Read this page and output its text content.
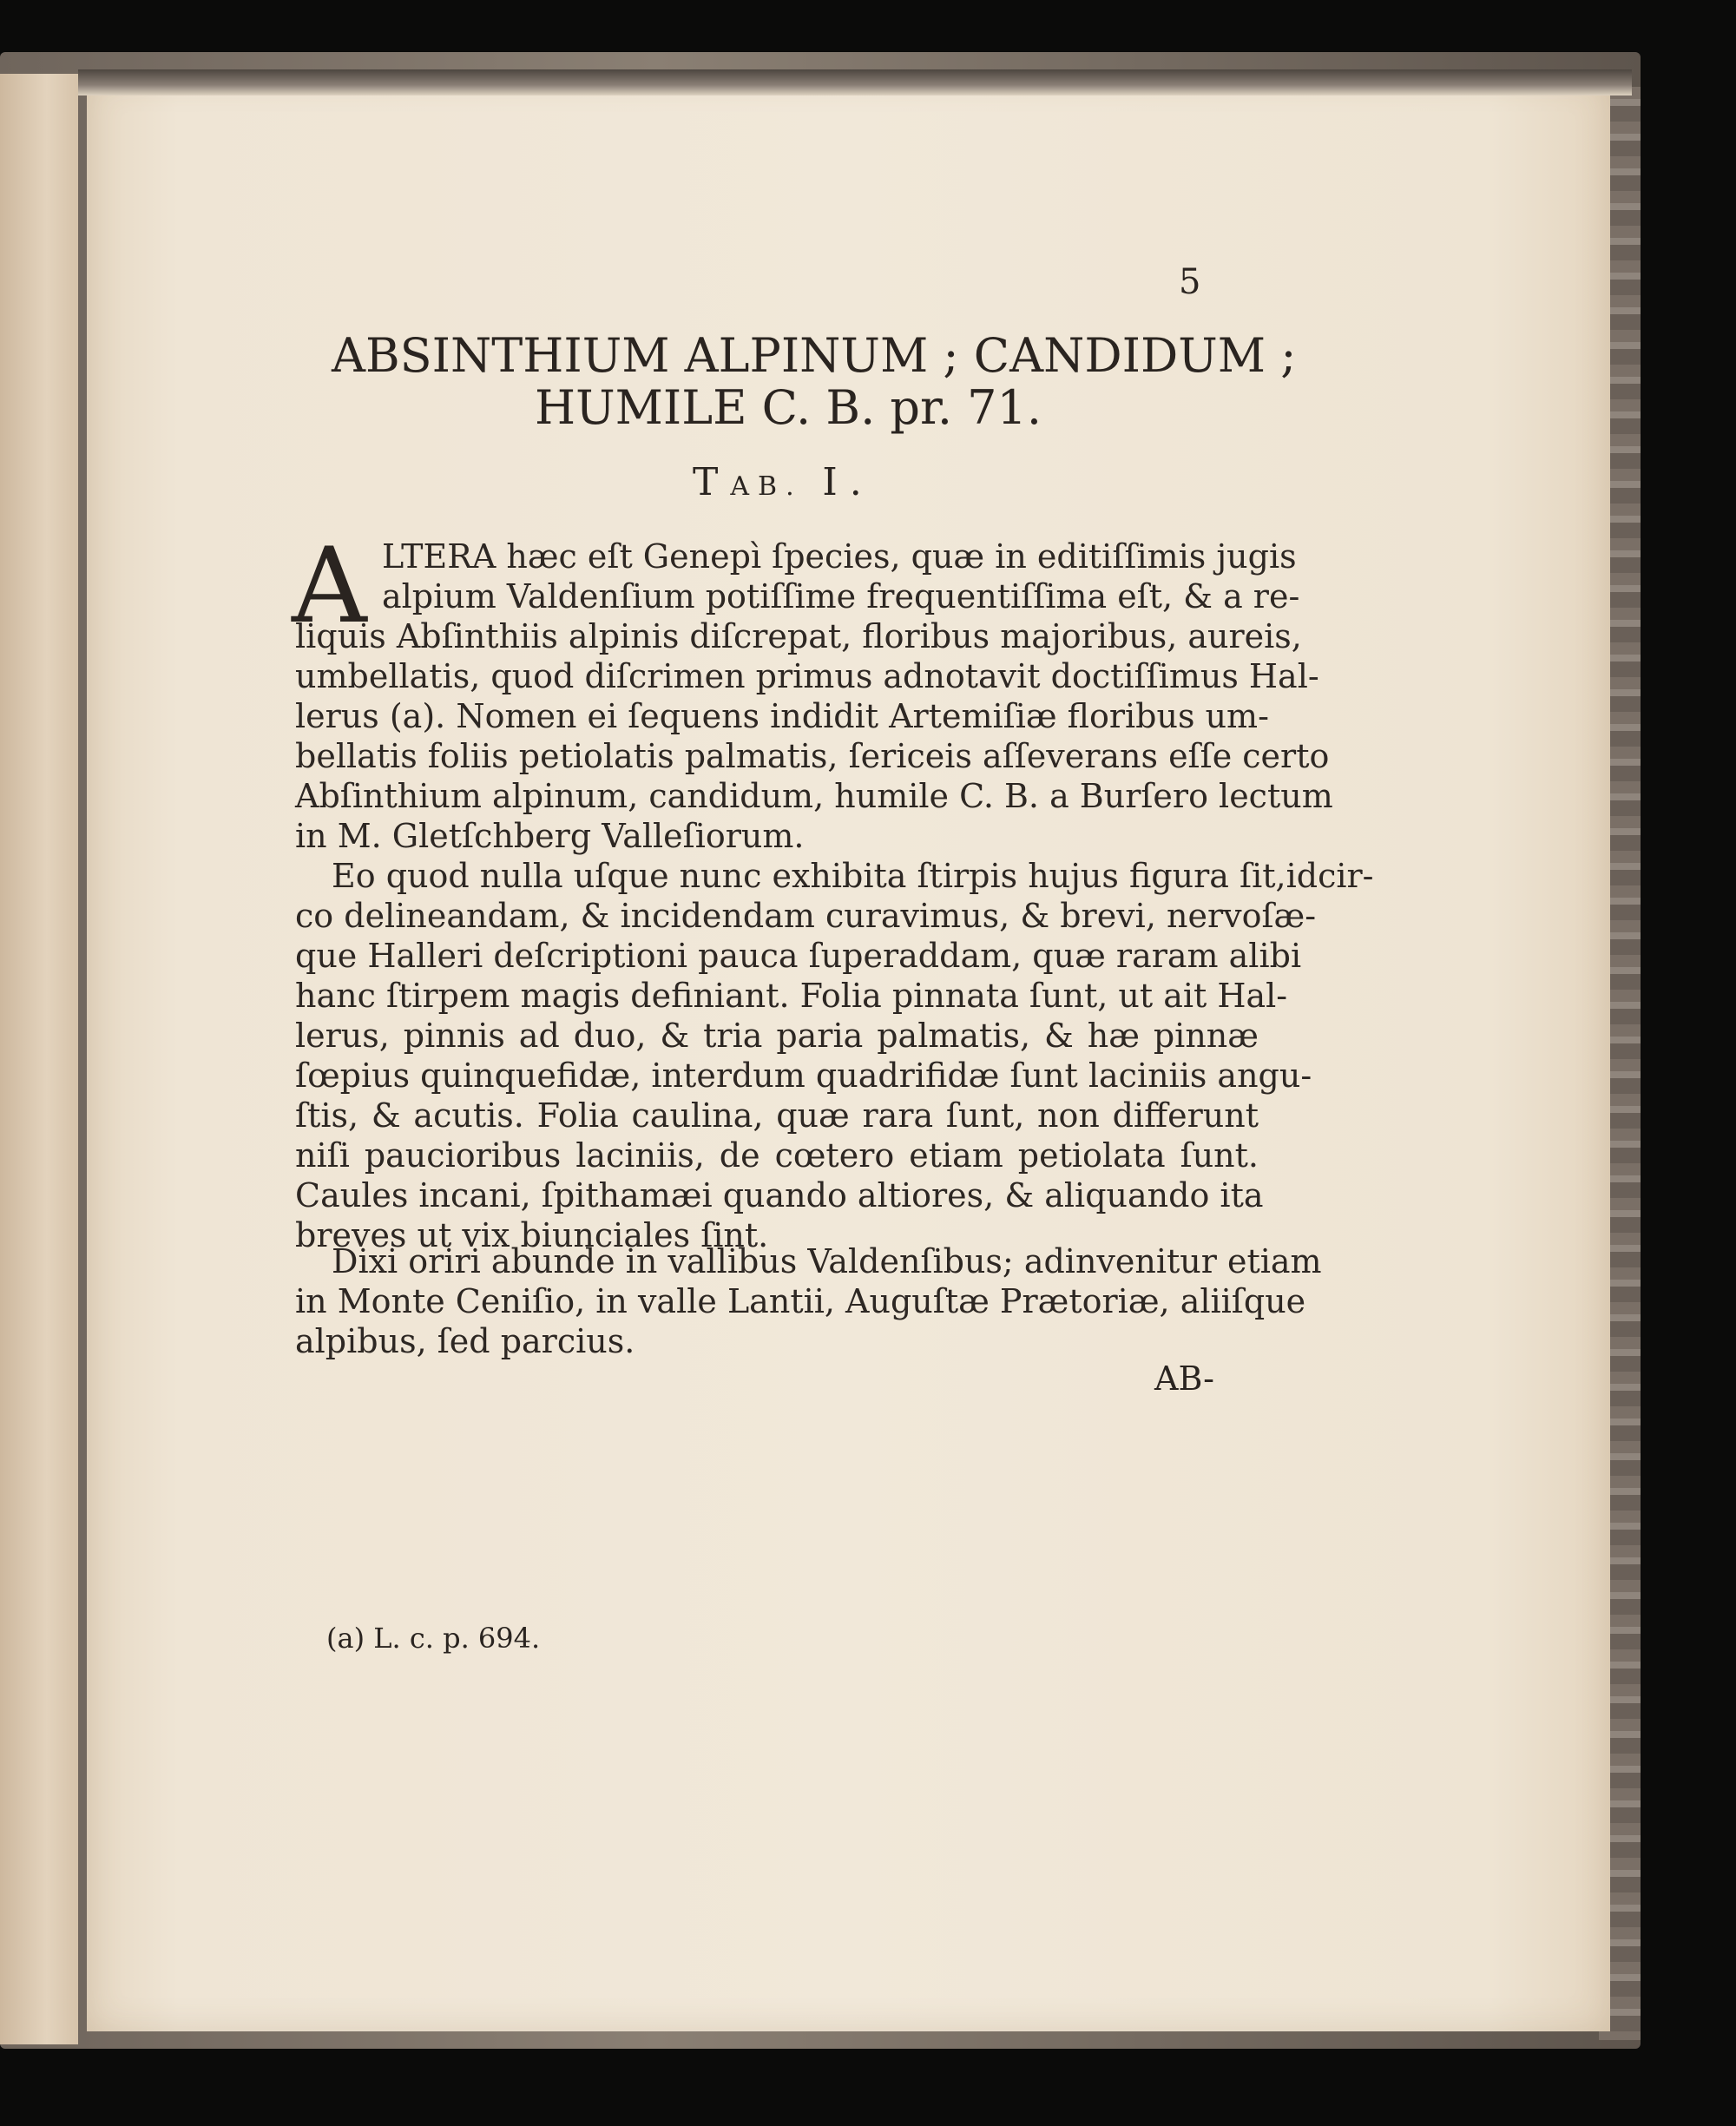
5
ABSINTHIUM ALPINUM ; CANDIDUM ;
HUMILE C. B. pr. 71.
TAB.  I.
A LTERA hæc eſt Genepì ſpecies, quæ in editiſſimis jugis
alpium Valdenſium potiſſime frequentiſſima eſt, & a re-
liquis Abſinthiis alpinis diſcrepat, floribus majoribus, aureis,
umbellatis, quod diſcrimen primus adnotavit doctiſſimus Hal-
lerus (a). Nomen ei ſequens indidit Artemiſiæ floribus um-
bellatis foliis petiolatis palmatis, ſericeis aſſeverans eſſe certo
Abſinthium alpinum, candidum, humile C. B. a Burſero lectum
in M. Gletſchberg Valleſiorum.
Eo quod nulla uſque nunc exhibita ſtirpis hujus figura ſit,idcir-
co delineandam, & incidendam curavimus, & brevi, nervoſæ-
que Halleri deſcriptioni pauca ſuperaddam, quæ raram alibi
hanc ſtirpem magis definiant. Folia pinnata ſunt, ut ait Hal-
lerus, pinnis ad duo, & tria paria palmatis, & hæ pinnæ
ſœpius quinquefidæ, interdum quadrifidæ ſunt laciniis angu-
ſtis, & acutis. Folia caulina, quæ rara ſunt, non differunt
niſi paucioribus laciniis, de cœtero etiam petiolata ſunt.
Caules incani, ſpithamæi quando altiores, & aliquando ita
breves ut vix biunciales ſint.
Dixi oriri abunde in vallibus Valdenſibus; adinvenitur etiam
in Monte Ceniſio, in valle Lantii, Auguſtæ Prætoriæ, aliiſque
alpibus, ſed parcius.
AB-
(a) L. c. p. 694.
